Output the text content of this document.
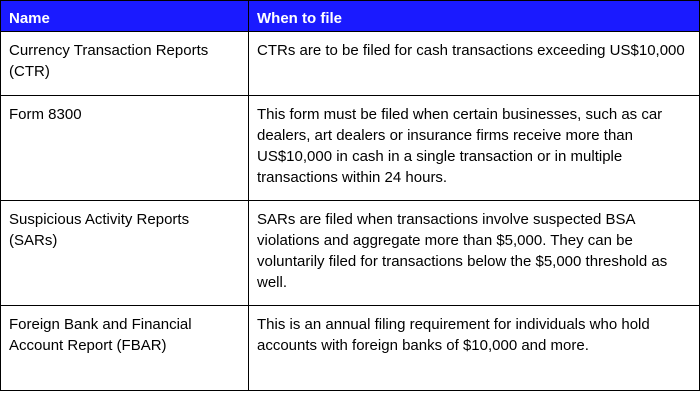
Name	When to file
Currency Transaction Reports (CTR)	CTRs are to be filed for cash transactions exceeding US$10,000
Form 8300	This form must be filed when certain businesses, such as car dealers, art dealers or insurance firms receive more than US$10,000 in cash in a single transaction or in multiple transactions within 24 hours.
Suspicious Activity Reports (SARs)	SARs are filed when transactions involve suspected BSA violations and aggregate more than $5,000. They can be voluntarily filed for transactions below the $5,000 threshold as well.
Foreign Bank and Financial Account Report (FBAR)	This is an annual filing requirement for individuals who hold accounts with foreign banks of $10,000 and more.
